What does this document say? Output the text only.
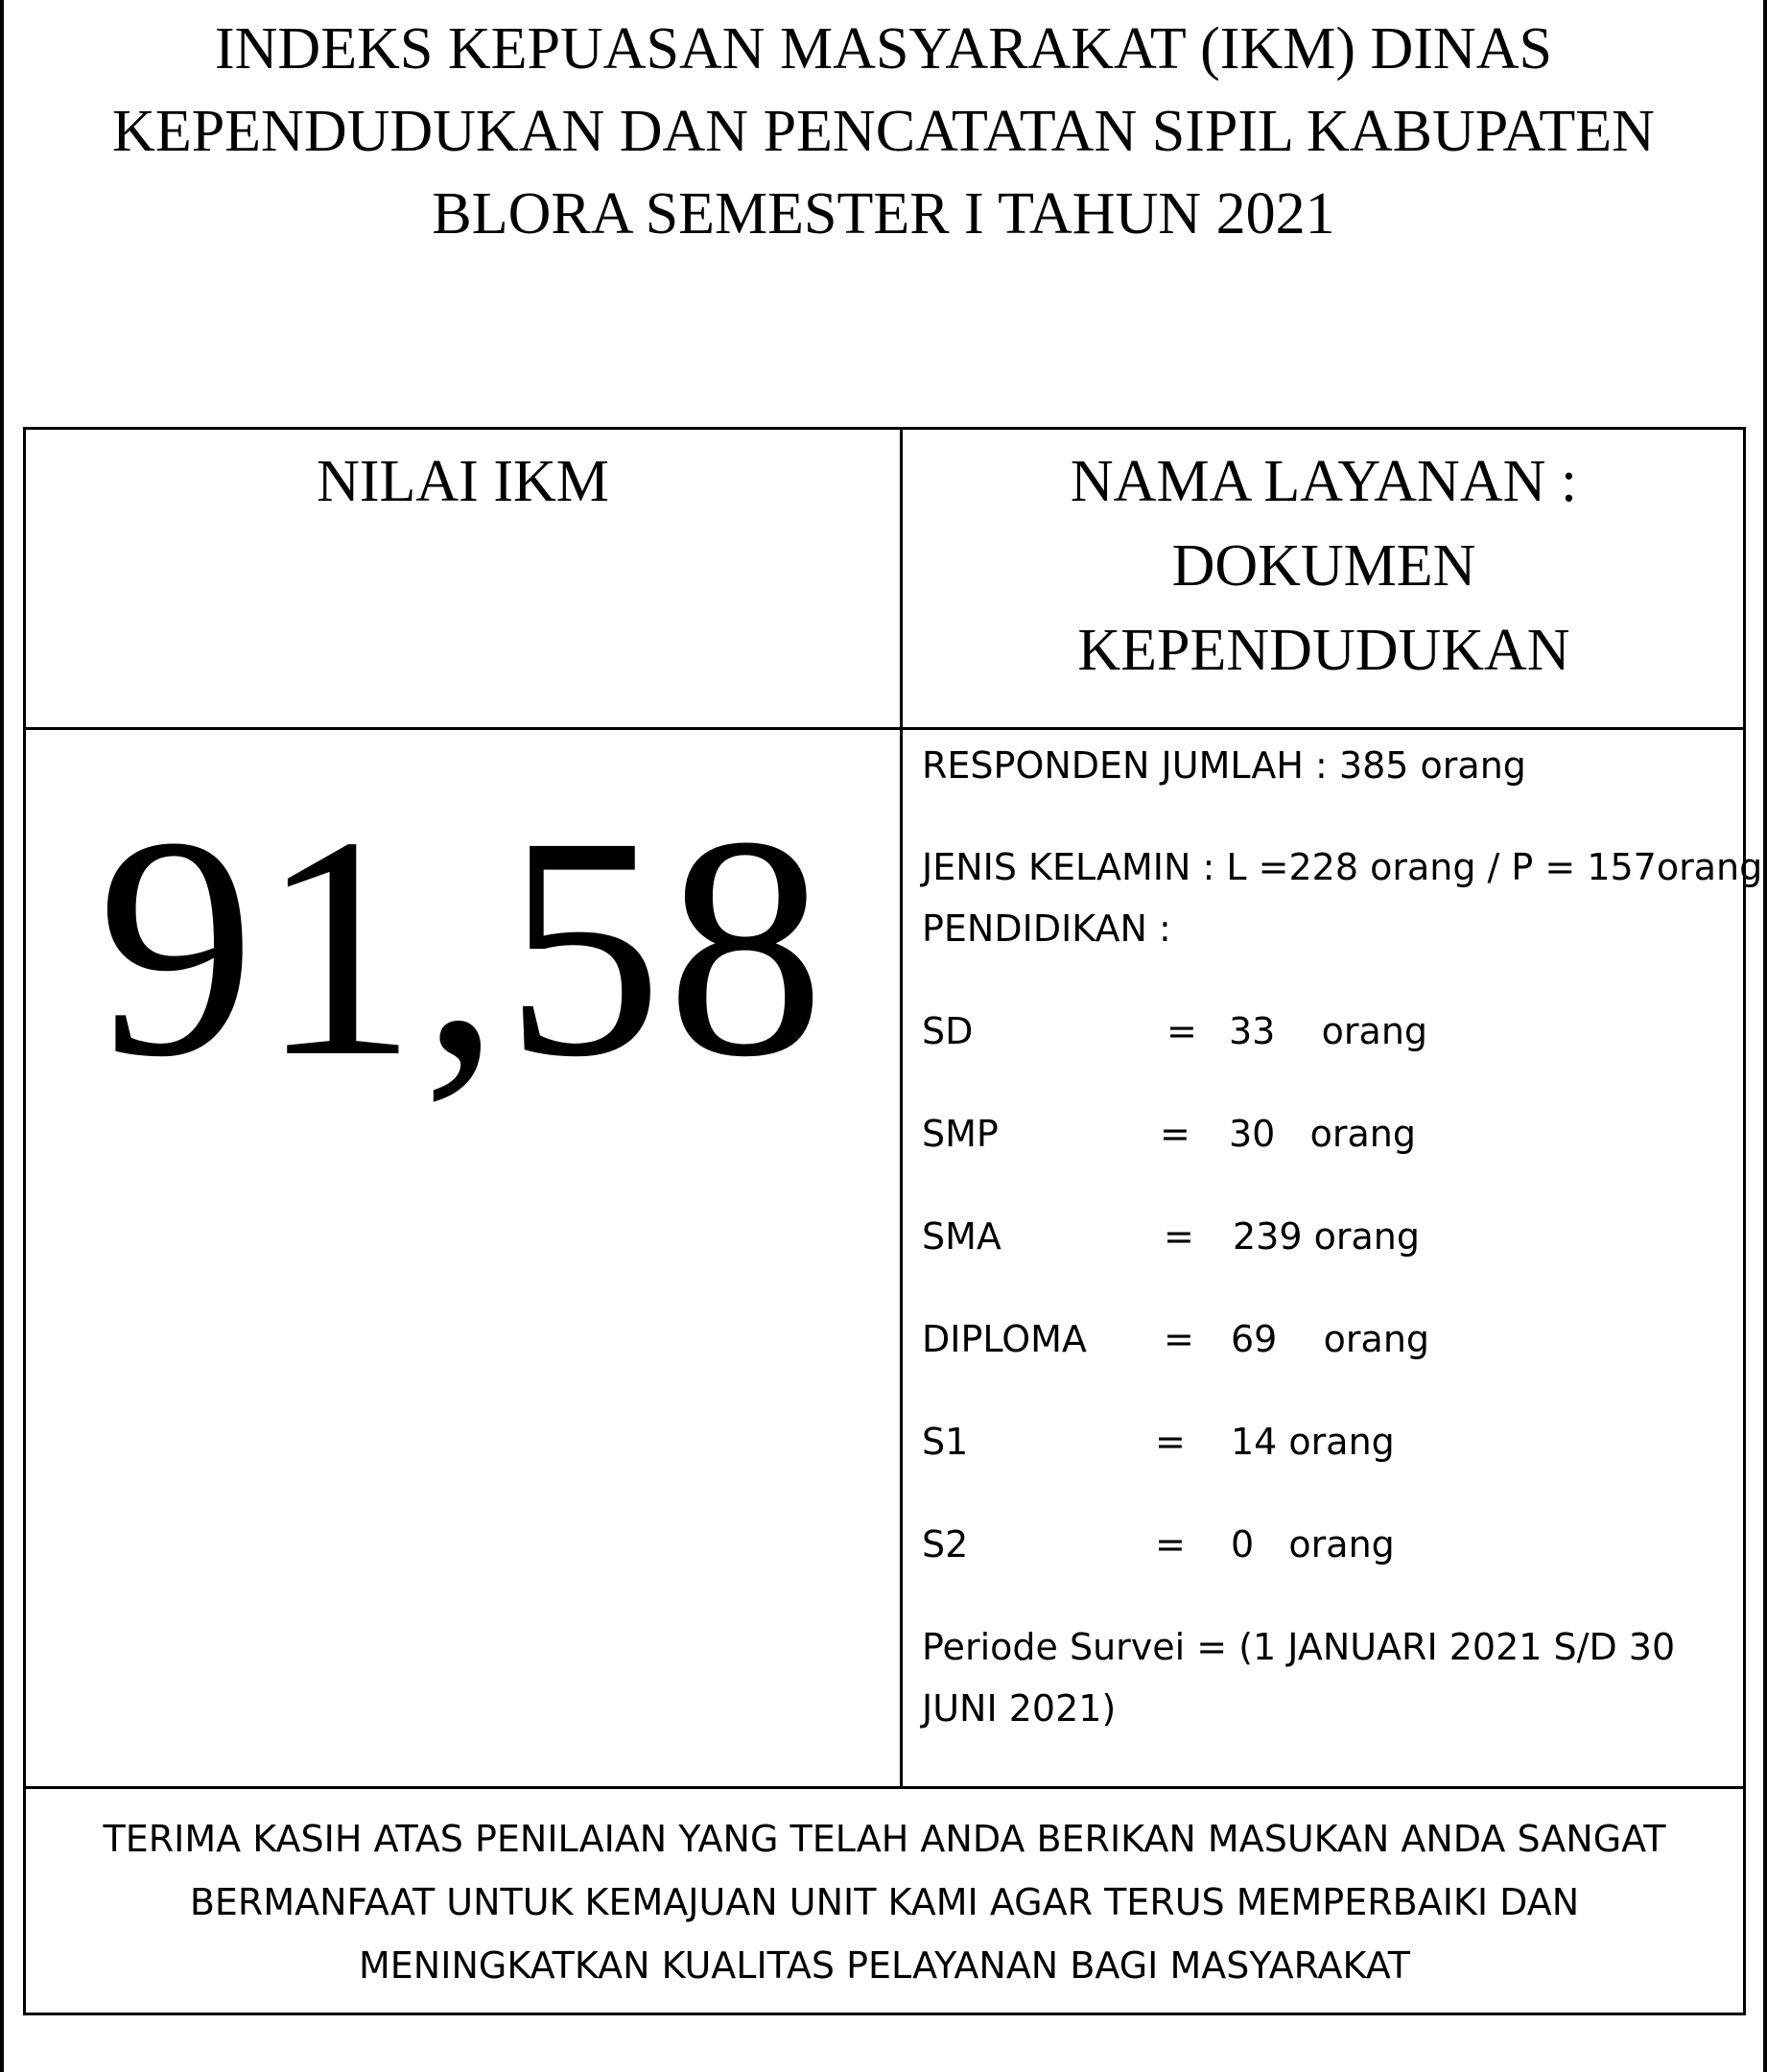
INDEKS KEPUASAN MASYARAKAT (IKM) DINAS
KEPENDUDUKAN DAN PENCATATAN SIPIL KABUPATEN
BLORA SEMESTER I TAHUN 2021
NILAI IKM	NAMA LAYANAN :
DOKUMEN
KEPENDUDUKAN
91,58
RESPONDEN JUMLAH : 385 orang
JENIS KELAMIN : L =228 orang / P = 157orang
PENDIDIKAN :
SD	= 33    orang
SMP	= 30   orang
SMA	= 239 orang
DIPLOMA = 69    orang
S1	= 14 orang
S2	= 0   orang
Periode Survei = (1 JANUARI 2021 S/D 30
JUNI 2021)
TERIMA KASIH ATAS PENILAIAN YANG TELAH ANDA BERIKAN MASUKAN ANDA SANGAT
BERMANFAAT UNTUK KEMAJUAN UNIT KAMI AGAR TERUS MEMPERBAIKI DAN
MENINGKATKAN KUALITAS PELAYANAN BAGI MASYARAKAT
